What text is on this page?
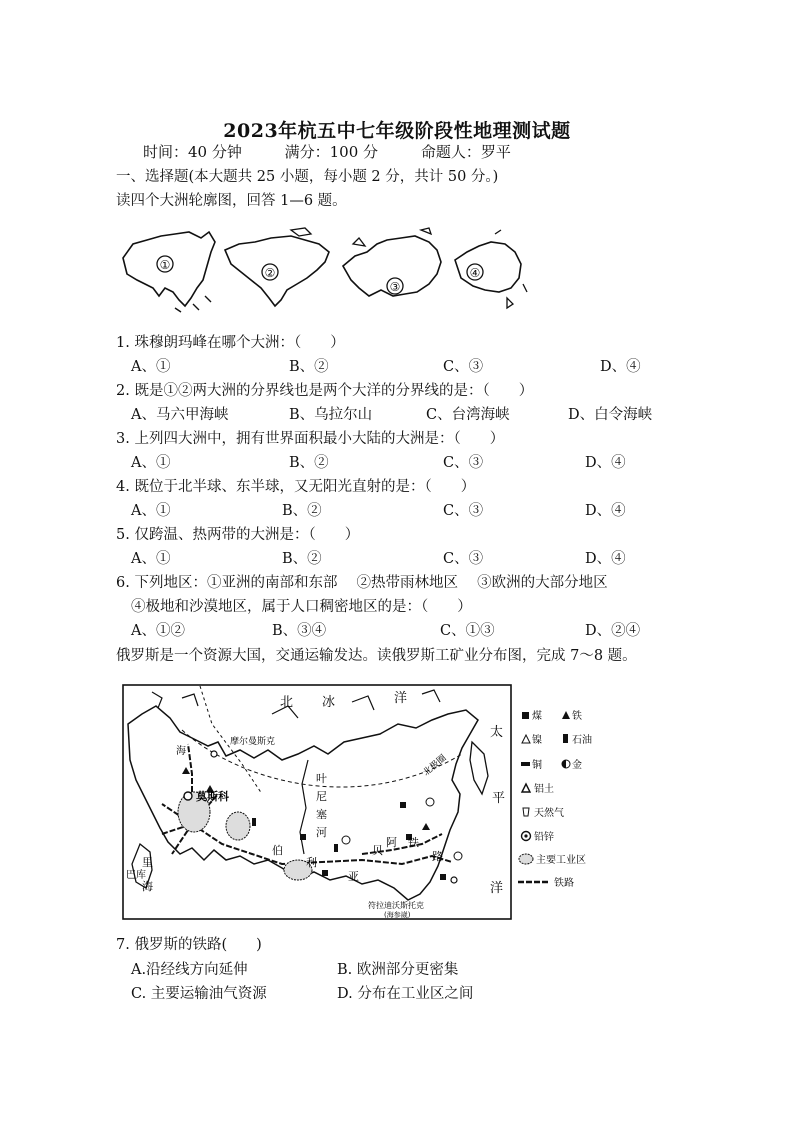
2023年杭五中七年级阶段性地理测试题
时间：40 分钟	满分：100 分	命题人：罗平
一、选择题(本大题共 25 小题，每小题 2 分，共计 50 分。)
读四个大洲轮廓图，回答 1—6 题。
①
②
③
④
1. 珠穆朗玛峰在哪个大洲：（　　）
A、①	B、②	C、③	D、④
2. 既是①②两大洲的分界线也是两个大洋的分界线的是：（　　）
A、马六甲海峡	B、乌拉尔山	C、台湾海峡	D、白令海峡
3. 上列四大洲中，拥有世界面积最小大陆的大洲是：（　　）
A、①	B、②	C、③	D、④
4. 既位于北半球、东半球，又无阳光直射的是：（　　）
A、①	B、②	C、③	D、④
5. 仅跨温、热两带的大洲是：（　　）
A、①	B、②	C、③	D、④
6. 下列地区：①亚洲的南部和东部　 ②热带雨林地区　 ③欧洲的大部分地区
④极地和沙漠地区，属于人口稠密地区的是：（　　）
A、①②	B、③④	C、①③	D、②④
俄罗斯是一个资源大国，交通运输发达。读俄罗斯工矿业分布图，完成 7～8 题。
北 冰	洋
太
平
洋
摩尔曼斯克
莫斯科
叶
尼
塞
河
伯
利
亚
贝
阿 铁
路
北极圈
符拉迪沃斯托克
(海参崴)
里
海
巴库
海
煤	铁
镍	石油
铜	金
铝土
天然气
铅锌
主要工业区
铁路
7. 俄罗斯的铁路(　　)
A.沿经线方向延伸	B. 欧洲部分更密集
C. 主要运输油气资源	D. 分布在工业区之间
